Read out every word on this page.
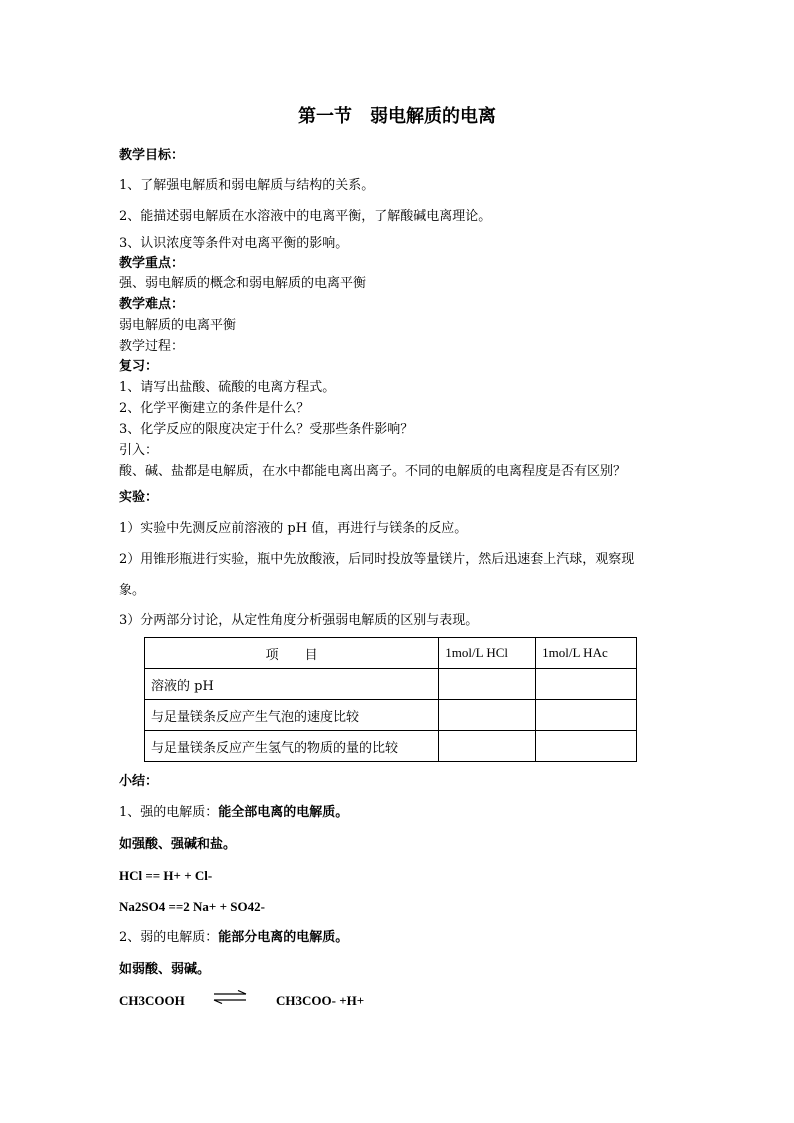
第一节　弱电解质的电离
教学目标：
1、了解强电解质和弱电解质与结构的关系。
2、能描述弱电解质在水溶液中的电离平衡，了解酸碱电离理论。
3、认识浓度等条件对电离平衡的影响。
教学重点：
强、弱电解质的概念和弱电解质的电离平衡
教学难点：
弱电解质的电离平衡
教学过程：
复习：
1、请写出盐酸、硫酸的电离方程式。
2、化学平衡建立的条件是什么？
3、化学反应的限度决定于什么？受那些条件影响？
引入：
酸、碱、盐都是电解质，在水中都能电离出离子。不同的电解质的电离程度是否有区别？
实验：
1）实验中先测反应前溶液的 pH 值，再进行与镁条的反应。
2）用锥形瓶进行实验，瓶中先放酸液，后同时投放等量镁片，然后迅速套上汽球，观察现
象。
3）分两部分讨论，从定性角度分析强弱电解质的区别与表现。
项　　目	1mol/L HCl	1mol/L HAc
溶液的 pH		
与足量镁条反应产生气泡的速度比较		
与足量镁条反应产生氢气的物质的量的比较		
小结：
1、强的电解质：能全部电离的电解质。
如强酸、强碱和盐。
HCl == H+ + Cl-
Na2SO4 ==2 Na+ + SO42-
2、弱的电解质：能部分电离的电解质。
如弱酸、弱碱。
CH3COOH	CH3COO- +H+
